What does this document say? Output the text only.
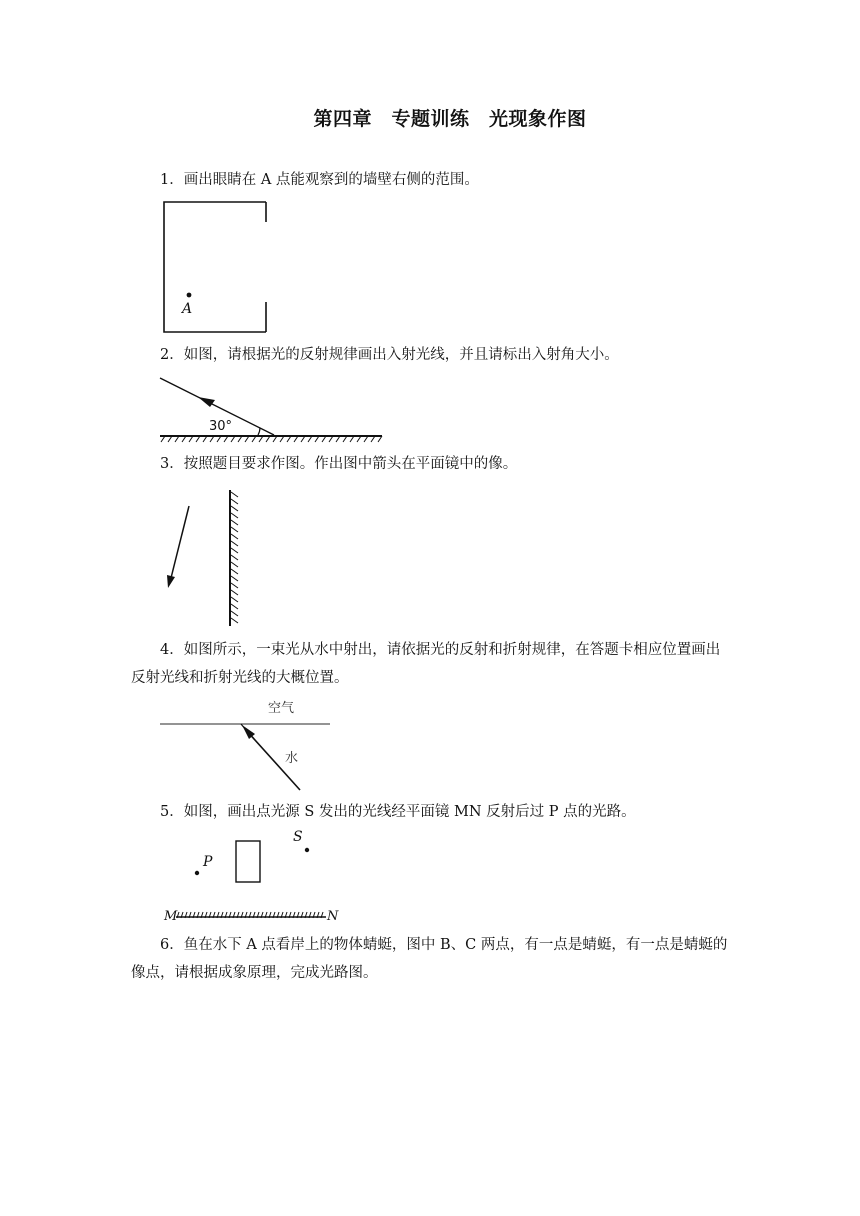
第四章　专题训练　光现象作图

1．画出眼睛在 A 点能观察到的墙壁右侧的范围。

A

2．如图，请根据光的反射规律画出入射光线，并且请标出入射角大小。

30°

3．按照题目要求作图。作出图中箭头在平面镜中的像。

4．如图所示，一束光从水中射出，请依据光的反射和折射规律，在答题卡相应位置画出反射光线和折射光线的大概位置。

空气
水

5．如图，画出点光源 S 发出的光线经平面镜 MN 反射后过 P 点的光路。

S
P
M	N

6．鱼在水下 A 点看岸上的物体蜻蜓，图中 B、C 两点，有一点是蜻蜓，有一点是蜻蜓的像点，请根据成象原理，完成光路图。
